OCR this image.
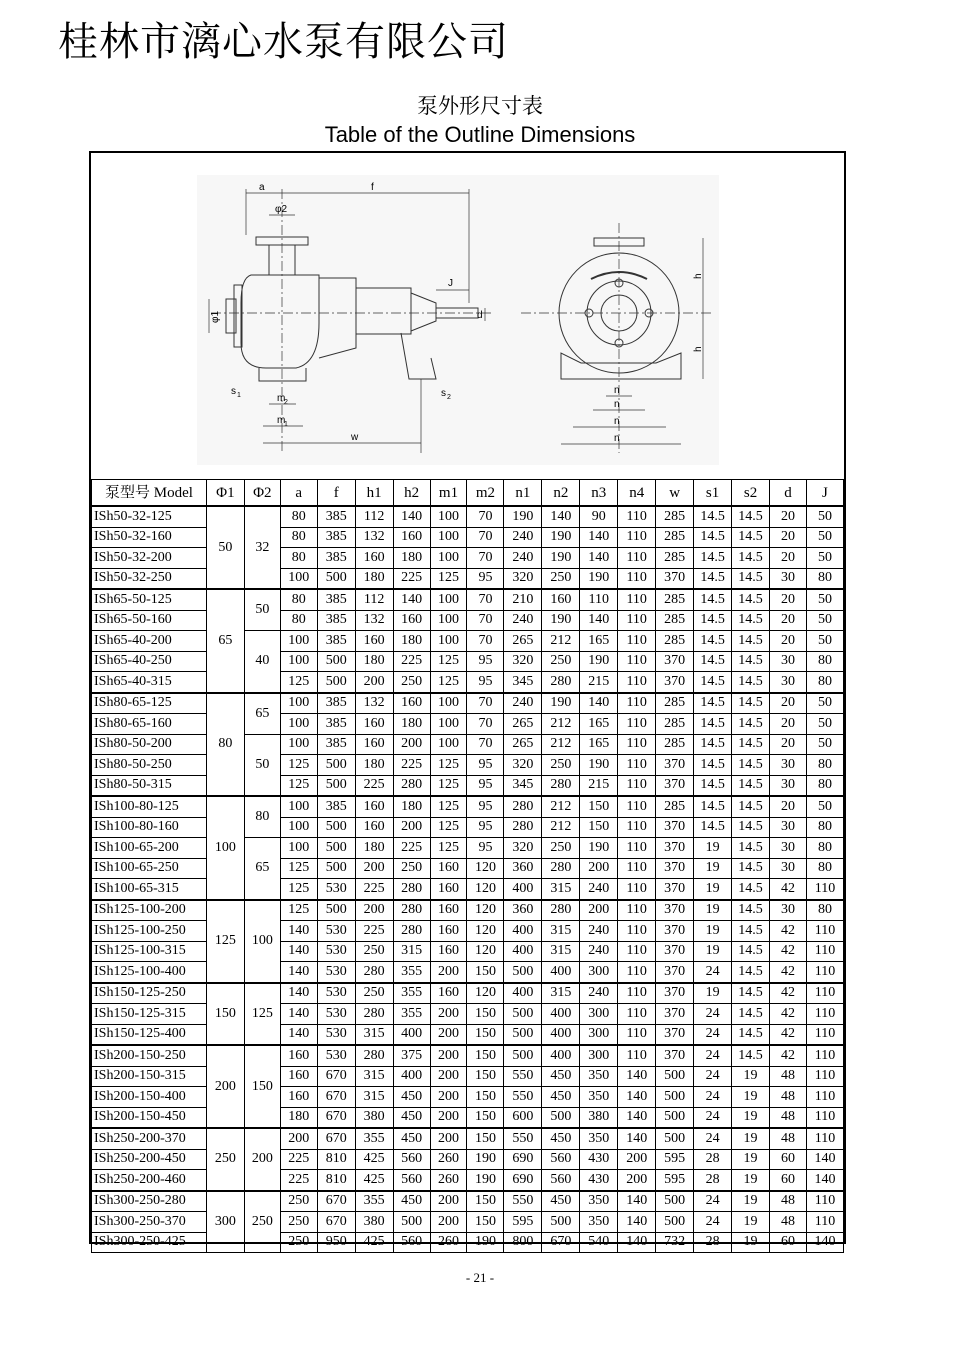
桂林市漓心水泵有限公司
泵外形尺寸表
Table of the Outline Dimensions
a	f
φ2
φ1
J
d
s 1	s 2
m
2
m
1
w
h
h
n
n
n
n
泵型号 Model	Φ1	Φ2	a	f	h1	h2	m1	m2	n1	n2	n3	n4	w	s1	s2	d	J
ISh50-32-125	50	32	80	385	112	140	100	70	190	140	90	110	285	14.5	14.5	20	50
ISh50-32-160			80	385	132	160	100	70	240	190	140	110	285	14.5	14.5	20	50
ISh50-32-200			80	385	160	180	100	70	240	190	140	110	285	14.5	14.5	20	50
ISh50-32-250			100	500	180	225	125	95	320	250	190	110	370	14.5	14.5	30	80
ISh65-50-125	65	50	80	385	112	140	100	70	210	160	110	110	285	14.5	14.5	20	50
ISh65-50-160			80	385	132	160	100	70	240	190	140	110	285	14.5	14.5	20	50
ISh65-40-200		40	100	385	160	180	100	70	265	212	165	110	285	14.5	14.5	20	50
ISh65-40-250			100	500	180	225	125	95	320	250	190	110	370	14.5	14.5	30	80
ISh65-40-315			125	500	200	250	125	95	345	280	215	110	370	14.5	14.5	30	80
ISh80-65-125	80	65	100	385	132	160	100	70	240	190	140	110	285	14.5	14.5	20	50
ISh80-65-160			100	385	160	180	100	70	265	212	165	110	285	14.5	14.5	20	50
ISh80-50-200		50	100	385	160	200	100	70	265	212	165	110	285	14.5	14.5	20	50
ISh80-50-250			125	500	180	225	125	95	320	250	190	110	370	14.5	14.5	30	80
ISh80-50-315			125	500	225	280	125	95	345	280	215	110	370	14.5	14.5	30	80
ISh100-80-125	100	80	100	385	160	180	125	95	280	212	150	110	285	14.5	14.5	20	50
ISh100-80-160			100	500	160	200	125	95	280	212	150	110	370	14.5	14.5	30	80
ISh100-65-200		65	100	500	180	225	125	95	320	250	190	110	370	19	14.5	30	80
ISh100-65-250			125	500	200	250	160	120	360	280	200	110	370	19	14.5	30	80
ISh100-65-315			125	530	225	280	160	120	400	315	240	110	370	19	14.5	42	110
ISh125-100-200	125	100	125	500	200	280	160	120	360	280	200	110	370	19	14.5	30	80
ISh125-100-250			140	530	225	280	160	120	400	315	240	110	370	19	14.5	42	110
ISh125-100-315			140	530	250	315	160	120	400	315	240	110	370	19	14.5	42	110
ISh125-100-400			140	530	280	355	200	150	500	400	300	110	370	24	14.5	42	110
ISh150-125-250	150	125	140	530	250	355	160	120	400	315	240	110	370	19	14.5	42	110
ISh150-125-315			140	530	280	355	200	150	500	400	300	110	370	24	14.5	42	110
ISh150-125-400			140	530	315	400	200	150	500	400	300	110	370	24	14.5	42	110
ISh200-150-250	200	150	160	530	280	375	200	150	500	400	300	110	370	24	14.5	42	110
ISh200-150-315			160	670	315	400	200	150	550	450	350	140	500	24	19	48	110
ISh200-150-400			160	670	315	450	200	150	550	450	350	140	500	24	19	48	110
ISh200-150-450			180	670	380	450	200	150	600	500	380	140	500	24	19	48	110
ISh250-200-370	250	200	200	670	355	450	200	150	550	450	350	140	500	24	19	48	110
ISh250-200-450			225	810	425	560	260	190	690	560	430	200	595	28	19	60	140
ISh250-200-460			225	810	425	560	260	190	690	560	430	200	595	28	19	60	140
ISh300-250-280	300	250	250	670	355	450	200	150	550	450	350	140	500	24	19	48	110
ISh300-250-370			250	670	380	500	200	150	595	500	350	140	500	24	19	48	110
ISh300-250-425			250	950	425	560	260	190	800	670	540	140	732	28	19	60	140
- 21 -
